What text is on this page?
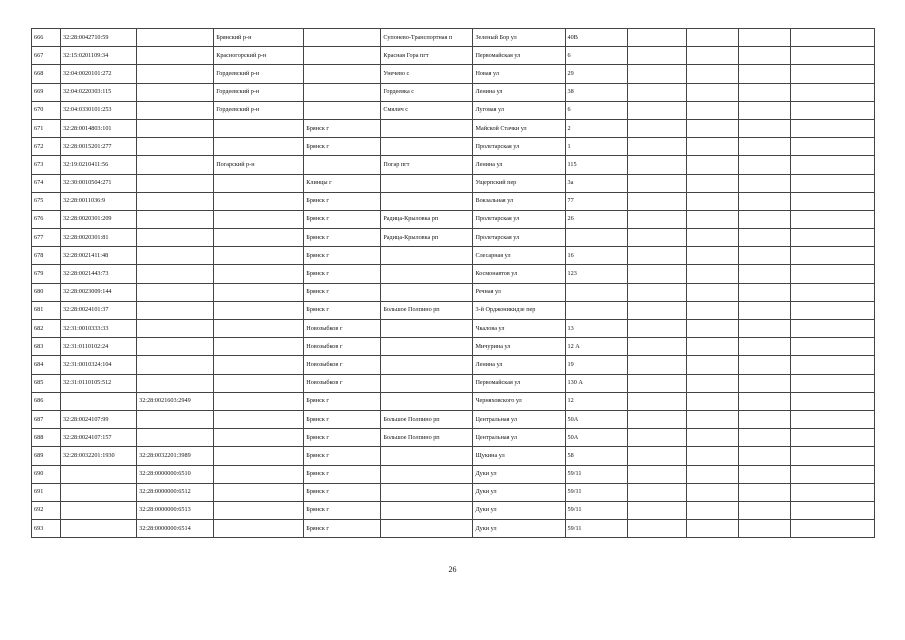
666	32:28:0042710:59		Брянский р-н		Супонево-Транспортная п	Зеленый Бор ул	40В				
667	32:15:0201109:34		Красногорский р-н		Красная Гора пгт	Первомайская ул	6				
668	32:04:0020101:272		Гордеевский р-н		Унечево с	Новая ул	29				
669	32:04:0220303:115		Гордеевский р-н		Гордеевка с	Ленина ул	38				
670	32:04:0330101:253		Гордеевский р-н		Смялич с	Луговая ул	6				
671	32:28:0014803:101			Брянск г		Майской Стачки ул	2				
672	32:28:0015201:277			Брянск г		Пролетарская ул	1				
673	32:19:0210411:56		Погарский р-н		Погар пгт	Ленина ул	115				
674	32:30:0010504:271			Клинцы г		Ущерпский пер	3а				
675	32:28:0011036:9			Брянск г		Вокзальная ул	77				
676	32:28:0020301:209			Брянск г	Радица-Крыловка рп	Пролетарская ул	26				
677	32:28:0020301:81			Брянск г	Радица-Крыловка рп	Пролетарская ул					
678	32:28:0021411:48			Брянск г		Слесарная ул	16				
679	32:28:0021443:73			Брянск г		Космонавтов ул	123				
680	32:28:0023009:144			Брянск г		Речная ул					
681	32:28:0024101:37			Брянск г	Большое Полпино рп	3-й Орджоникидзе пер					
682	32:31:0010333:33			Новозыбков г		Чкалова ул	13				
683	32:31:0110102:24			Новозыбков г		Мичурина ул	12 А				
684	32:31:0010324:104			Новозыбков г		Ленина ул	19				
685	32:31:0110105:512			Новозыбков г		Первомайская ул	130 А				
686		32:28:0021603:2949		Брянск г		Черняховского ул	12				
687	32:28:0024107:99			Брянск г	Большое Полпино рп	Центральная ул	50А				
688	32:28:0024107:157			Брянск г	Большое Полпино рп	Центральная ул	50А				
689	32:28:0032201:1930	32:28:0032201:3989		Брянск г		Щукина ул	58				
690		32:28:0000000:6510		Брянск г		Дуки ул	59/11				
691		32:28:0000000:6512		Брянск г		Дуки ул	59/11				
692		32:28:0000000:6513		Брянск г		Дуки ул	59/11				
693		32:28:0000000:6514		Брянск г		Дуки ул	59/11				
26
